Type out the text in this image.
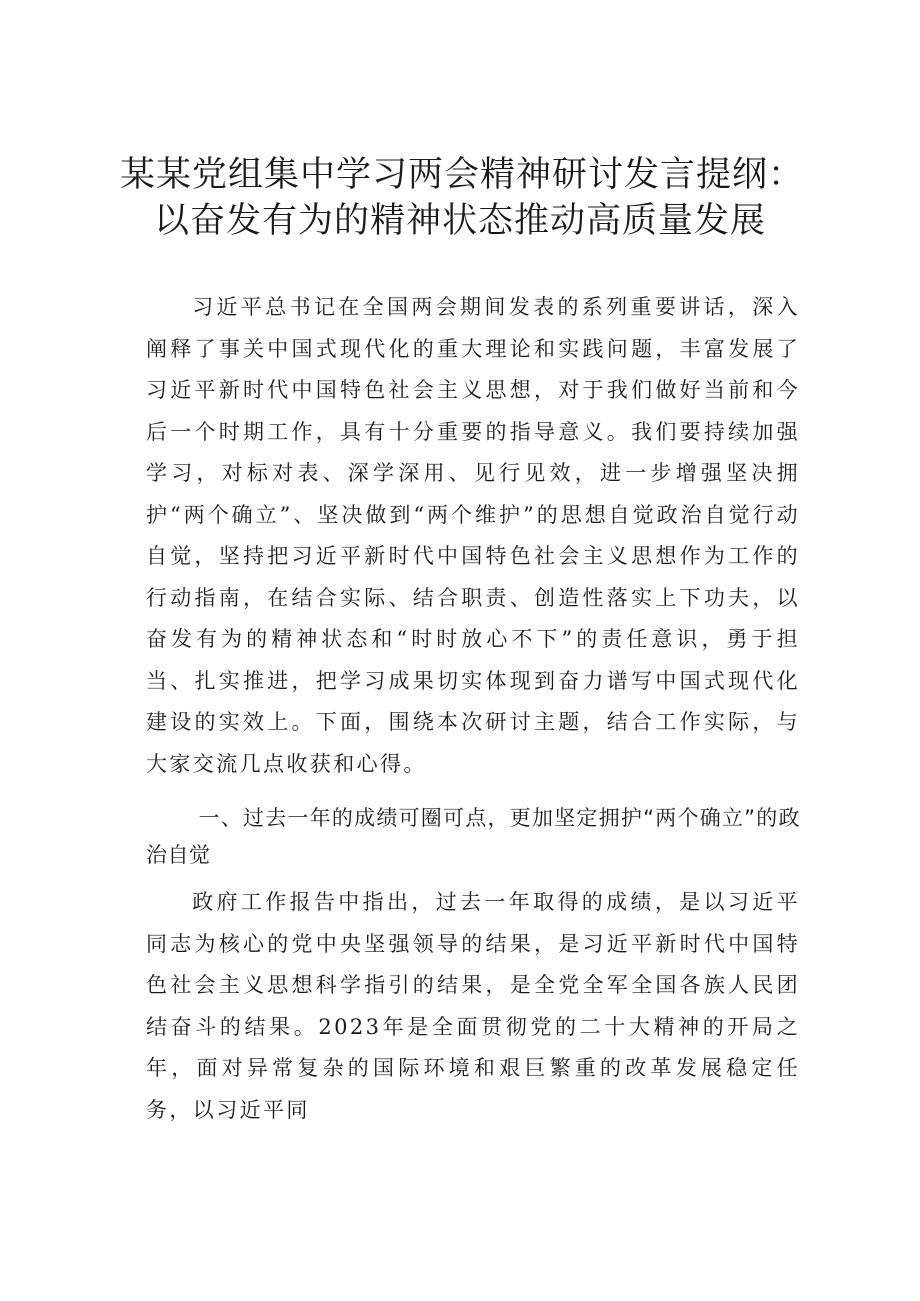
某某党组集中学习两会精神研讨发言提纲：
以奋发有为的精神状态推动高质量发展

习近平总书记在全国两会期间发表的系列重要讲话，深入阐释了事关中国式现代化的重大理论和实践问题，丰富发展了习近平新时代中国特色社会主义思想，对于我们做好当前和今后一个时期工作，具有十分重要的指导意义。我们要持续加强学习，对标对表、深学深用、见行见效，进一步增强坚决拥护“两个确立”、坚决做到“两个维护”的思想自觉政治自觉行动自觉，坚持把习近平新时代中国特色社会主义思想作为工作的行动指南，在结合实际、结合职责、创造性落实上下功夫，以奋发有为的精神状态和“时时放心不下”的责任意识，勇于担当、扎实推进，把学习成果切实体现到奋力谱写中国式现代化建设的实效上。下面，围绕本次研讨主题，结合工作实际，与大家交流几点收获和心得。

一、过去一年的成绩可圈可点，更加坚定拥护“两个确立”的政治自觉

政府工作报告中指出，过去一年取得的成绩，是以习近平同志为核心的党中央坚强领导的结果，是习近平新时代中国特色社会主义思想科学指引的结果，是全党全军全国各族人民团结奋斗的结果。2023年是全面贯彻党的二十大精神的开局之年，面对异常复杂的国际环境和艰巨繁重的改革发展稳定任务，以习近平同
